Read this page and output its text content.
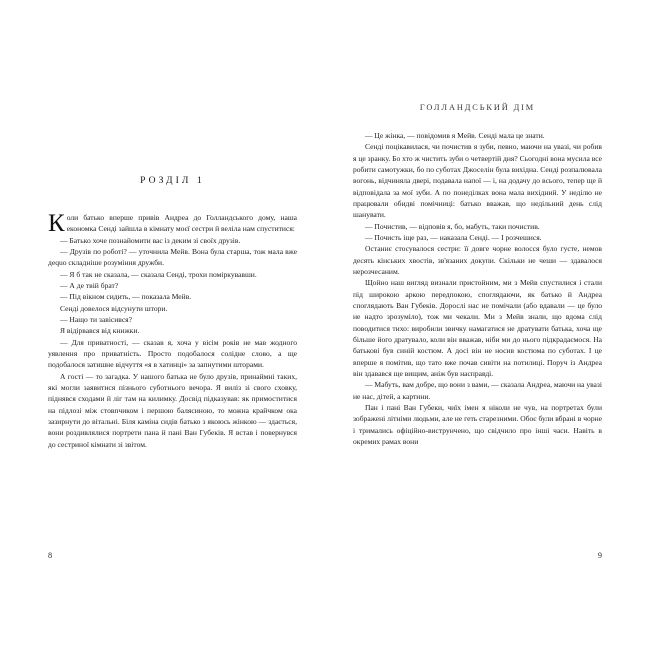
РОЗДІЛ 1

Коли батько вперше привів Андреа до Голландського дому, наша економка Сенді зайшла в кімнату моєї сестри й веліла нам спуститися:

— Батько хоче познайомити вас із деким зі своїх друзів.

— Друзів по роботі? — уточнила Мейв. Вона була старша, тож мала вже деquo складніше розуміння дружби.

— Я б так не сказала, — сказала Сенді, трохи поміркувавши.

— А де твій брат?

— Під вікном сидить, — показала Мейв.

Сенді довелося відсунути штори.

— Нащо ти завісився?

Я відірвався від книжки.

— Для приватності, — сказав я, хоча у вісім років не мав жодного уявлення про приватність. Просто подобалося солідне слово, а ще подобалося затишне відчуття «я в хатинці» за запнутими шторами.

А гості — то загадка. У нашого батька не було друзів, принаймні таких, які могли заявитися пізнього суботнього вечора. Я виліз зі свого сховку, піднявся сходами й ліг там на килимку. Досвід підказував: як примоститися на підлозі між стовпчиком і першою балясиною, то можна крайчком ока зазирнути до вітальні. Біля каміна сидів батько з якоюсь жінкою — здається, вони роздивлялися портрети пана й пані Ван Губеків. Я встав і повернувся до сестриної кімнати зі звітом.

8
ГОЛЛАНДСЬКИЙ ДІМ

— Це жінка, — повідомив я Мейв. Сенді мала це знати.

Сенді поцікавилася, чи почистив я зуби, певно, маючи на увазі, чи робив я це зранку. Бо хто ж чистить зуби о четвертій дня? Сьогодні вона мусила все робити самотужки, бо по суботах Джоселін була вихідна. Сенді розпалювала вогонь, відчиняла двері, подавала напої — і, на додачу до всього, тепер ще й відповідала за мої зуби. А по понеділках вона мала вихідний. У неділю не працювали обидві помічниці: батько вважав, що недільний день слід шанувати.

— Почистив, — відповів я, бо, мабуть, таки почистив.

— Почисть іще раз, — наказала Сенді. — І розчешися.

Останнє стосувалося сестри: її довге чорне волосся було густе, немов десять кінських хвостів, зв'язаних докупи. Скільки не чеши — здавалося нерозчесаним.

Щойно наш вигляд визнали пристойним, ми з Мейв спустилися і стали під широкою аркою передпокою, споглядаючи, як батько й Андреа споглядають Ван Губеків. Дорослі нас не помічали (або вдавали — це було не надто зрозуміло), тож ми чекали. Ми з Мейв знали, що вдома слід поводитися тихо: виробили звичку намагатися не дратувати батька, хоча ще більше його дратувало, коли він вважав, ніби ми до нього підкрадаємося. На батькові був синій костюм. А досі він не носив костюма по суботах. І це вперше я помітив, що тато вже почав сивіти на потилиці. Поруч із Андреа він здавався ще вищим, аніж був насправді.

— Мабуть, вам добре, що вони з вами, — сказала Андреа, маючи на увазі не нас, дітей, а картини.

Пан і пані Ван Губеки, чиїх імен я ніколи не чув, на портретах були зображені літніми людьми, але не геть старезними. Обоє були вбрані в чорне і тримались офіційно-виструнчено, що свідчило про інші часи. Навіть в окремих рамах вони

9
